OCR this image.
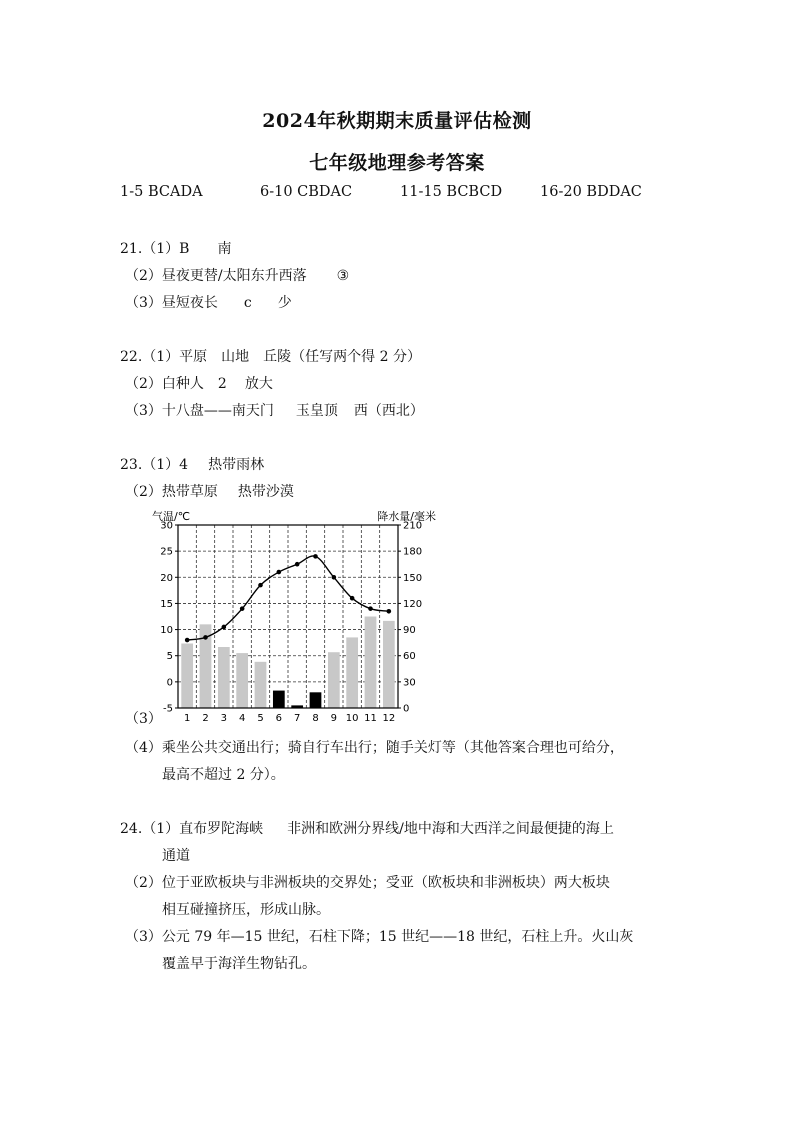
2024年秋期期末质量评估检测
七年级地理参考答案
1-5 BCADA	6-10 CBDAC	11-15 BCBCD	16-20 BDDAC
21.（1）B 南
（2）昼夜更替/太阳东升西落 ③
（3）昼短夜长 c 少
22.（1）平原 山地 丘陵（任写两个得 2 分）
（2）白种人 2 放大
（3）十八盘——南天门 玉皇顶 西（西北）
23.（1）4 热带雨林
（2）热带草原 热带沙漠
-5
0
5
10
15
20
25
30
0
30
60
90
120
150
180
210
1 2 3 4 5 6 7 8 9 10 11 12
气温/℃	降水量/毫米
（3）
（4）乘坐公共交通出行；骑自行车出行；随手关灯等（其他答案合理也可给分，
最高不超过 2 分）。
24.（1）直布罗陀海峡 非洲和欧洲分界线/地中海和大西洋之间最便捷的海上
通道
（2）位于亚欧板块与非洲板块的交界处；受亚（欧板块和非洲板块）两大板块
相互碰撞挤压，形成山脉。
（3）公元 79 年—15 世纪，石柱下降；15 世纪——18 世纪，石柱上升。火山灰
覆盖早于海洋生物钻孔。
